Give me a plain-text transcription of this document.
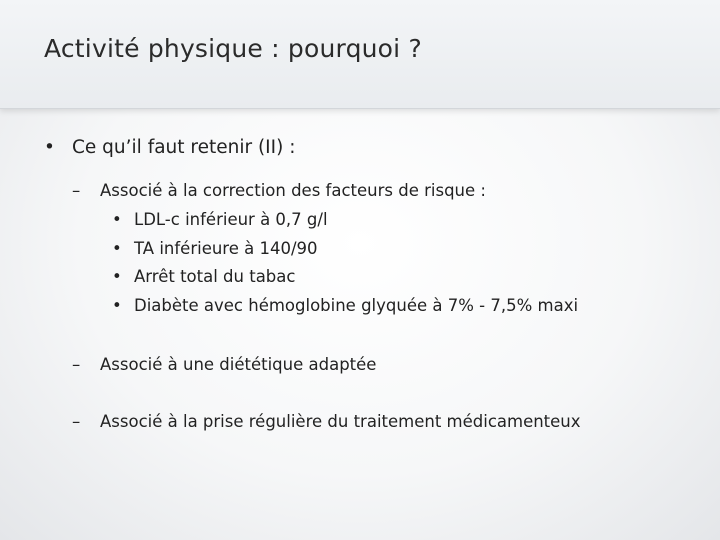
Activité physique : pourquoi ?
• Ce qu’il faut retenir (II) :
– Associé à la correction des facteurs de risque :
• LDL-c inférieur à 0,7 g/l
• TA inférieure à 140/90
• Arrêt total du tabac
• Diabète avec hémoglobine glyquée à 7% - 7,5% maxi
– Associé à une diététique adaptée
– Associé à la prise régulière du traitement médicamenteux
